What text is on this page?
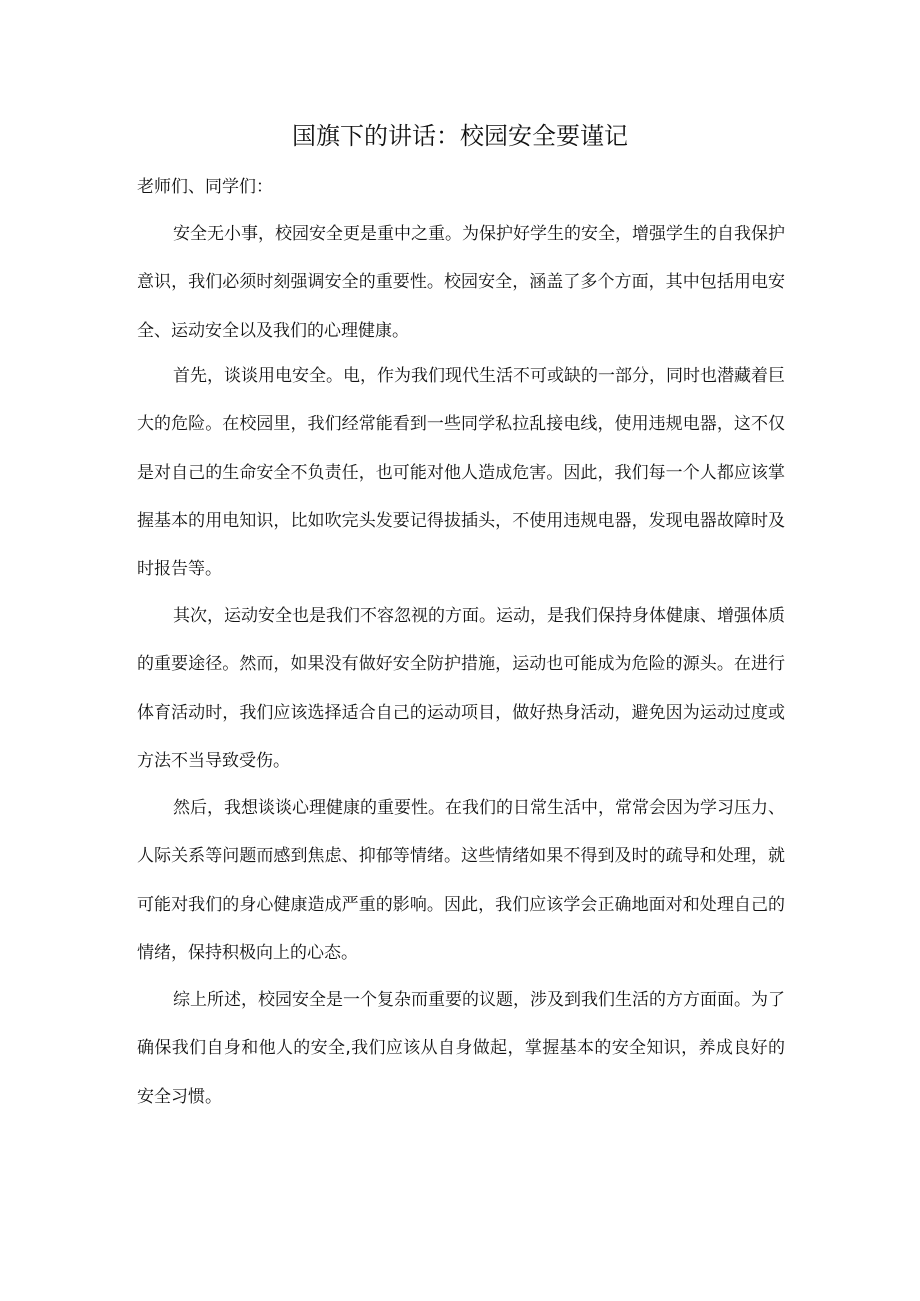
国旗下的讲话：校园安全要谨记

老师们、同学们：

安全无小事，校园安全更是重中之重。为保护好学生的安全，增强学生的自我保护意识，我们必须时刻强调安全的重要性。校园安全，涵盖了多个方面，其中包括用电安全、运动安全以及我们的心理健康。

首先，谈谈用电安全。电，作为我们现代生活不可或缺的一部分，同时也潜藏着巨大的危险。在校园里，我们经常能看到一些同学私拉乱接电线，使用违规电器，这不仅是对自己的生命安全不负责任，也可能对他人造成危害。因此，我们每一个人都应该掌握基本的用电知识，比如吹完头发要记得拔插头，不使用违规电器，发现电器故障时及时报告等。

其次，运动安全也是我们不容忽视的方面。运动，是我们保持身体健康、增强体质的重要途径。然而，如果没有做好安全防护措施，运动也可能成为危险的源头。在进行体育活动时，我们应该选择适合自己的运动项目，做好热身活动，避免因为运动过度或方法不当导致受伤。

然后，我想谈谈心理健康的重要性。在我们的日常生活中，常常会因为学习压力、人际关系等问题而感到焦虑、抑郁等情绪。这些情绪如果不得到及时的疏导和处理，就可能对我们的身心健康造成严重的影响。因此，我们应该学会正确地面对和处理自己的情绪，保持积极向上的心态。

综上所述，校园安全是一个复杂而重要的议题，涉及到我们生活的方方面面。为了确保我们自身和他人的安全,我们应该从自身做起，掌握基本的安全知识，养成良好的安全习惯。
